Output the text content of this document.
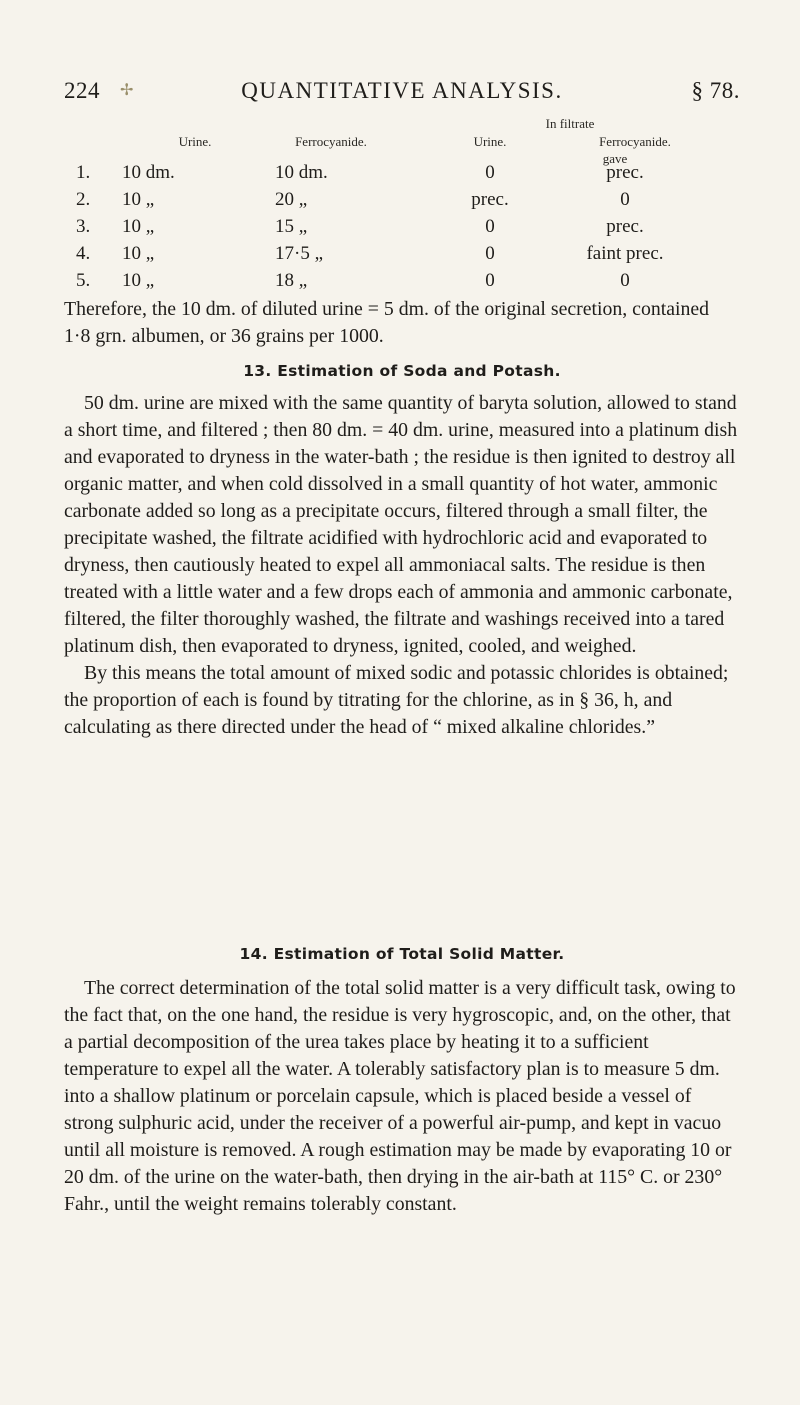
224 ✢	QUANTITATIVE ANALYSIS.	§ 78.
In filtrate
Urine.	Ferrocyanide.	Urine.	Ferrocyanide.
gave
1. 10 dm.	10 dm.	0	prec.
2. 10 „	20 „	prec.	0
3. 10 „	15 „	0	prec.
4. 10 „	17·5 „	0	faint prec.
5. 10 „	18 „	0	0

Therefore, the 10 dm. of diluted urine = 5 dm. of the original secretion, contained 1·8 grn. albumen, or 36 grains per 1000.

13. Estimation of Soda and Potash.

50 dm. urine are mixed with the same quantity of baryta solution, allowed to stand a short time, and filtered ; then 80 dm. = 40 dm. urine, measured into a platinum dish and evaporated to dryness in the water-bath ; the residue is then ignited to destroy all organic matter, and when cold dissolved in a small quantity of hot water, ammonic carbonate added so long as a precipitate occurs, filtered through a small filter, the precipitate washed, the filtrate acidified with hydrochloric acid and evaporated to dryness, then cautiously heated to expel all ammoniacal salts. The residue is then treated with a little water and a few drops each of ammonia and ammonic carbonate, filtered, the filter thoroughly washed, the filtrate and washings received into a tared platinum dish, then evaporated to dryness, ignited, cooled, and weighed.

By this means the total amount of mixed sodic and potassic chlorides is obtained; the proportion of each is found by titrating for the chlorine, as in § 36, h, and calculating as there directed under the head of “ mixed alkaline chlorides.”

14. Estimation of Total Solid Matter.

The correct determination of the total solid matter is a very difficult task, owing to the fact that, on the one hand, the residue is very hygroscopic, and, on the other, that a partial decomposition of the urea takes place by heating it to a sufficient temperature to expel all the water. A tolerably satisfactory plan is to measure 5 dm. into a shallow platinum or porcelain capsule, which is placed beside a vessel of strong sulphuric acid, under the receiver of a powerful air-pump, and kept in vacuo until all moisture is removed. A rough estimation may be made by evaporating 10 or 20 dm. of the urine on the water-bath, then drying in the air-bath at 115° C. or 230° Fahr., until the weight remains tolerably constant.
